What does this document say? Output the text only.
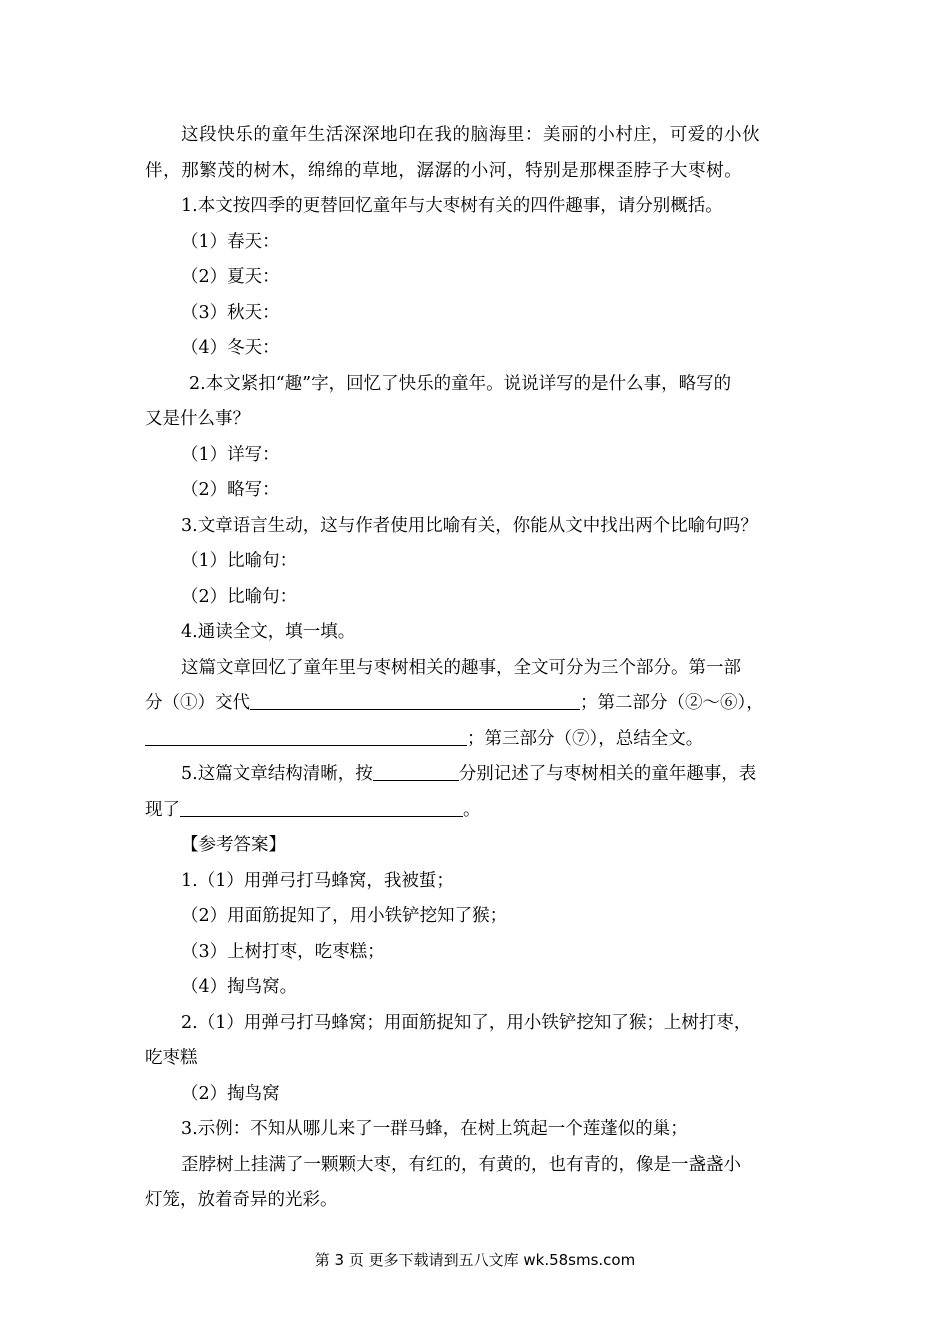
这段快乐的童年生活深深地印在我的脑海里：美丽的小村庄，可爱的小伙

伴，那繁茂的树木，绵绵的草地，潺潺的小河，特别是那棵歪脖子大枣树。

1.本文按四季的更替回忆童年与大枣树有关的四件趣事，请分别概括。

（1）春天：

（2）夏天：

（3）秋天：

（4）冬天：

2.本文紧扣“趣”字，回忆了快乐的童年。说说详写的是什么事，略写的

又是什么事？

（1）详写：

（2）略写：

3.文章语言生动，这与作者使用比喻有关，你能从文中找出两个比喻句吗？

（1）比喻句：

（2）比喻句：

4.通读全文，填一填。

这篇文章回忆了童年里与枣树相关的趣事，全文可分为三个部分。第一部

分（①）交代	；第二部分（②～⑥），

；第三部分（⑦），总结全文。

5.这篇文章结构清晰，按	分别记述了与枣树相关的童年趣事，表

现了	。

【参考答案】

1.（1）用弹弓打马蜂窝，我被蜇；

（2）用面筋捉知了，用小铁铲挖知了猴；

（3）上树打枣，吃枣糕；

（4）掏鸟窝。

2.（1）用弹弓打马蜂窝；用面筋捉知了，用小铁铲挖知了猴；上树打枣，

吃枣糕

（2）掏鸟窝

3.示例：不知从哪儿来了一群马蜂，在树上筑起一个莲蓬似的巢；

歪脖树上挂满了一颗颗大枣，有红的，有黄的，也有青的，像是一盏盏小

灯笼，放着奇异的光彩。

第 3 页 更多下载请到五八文库 wk.58sms.com
